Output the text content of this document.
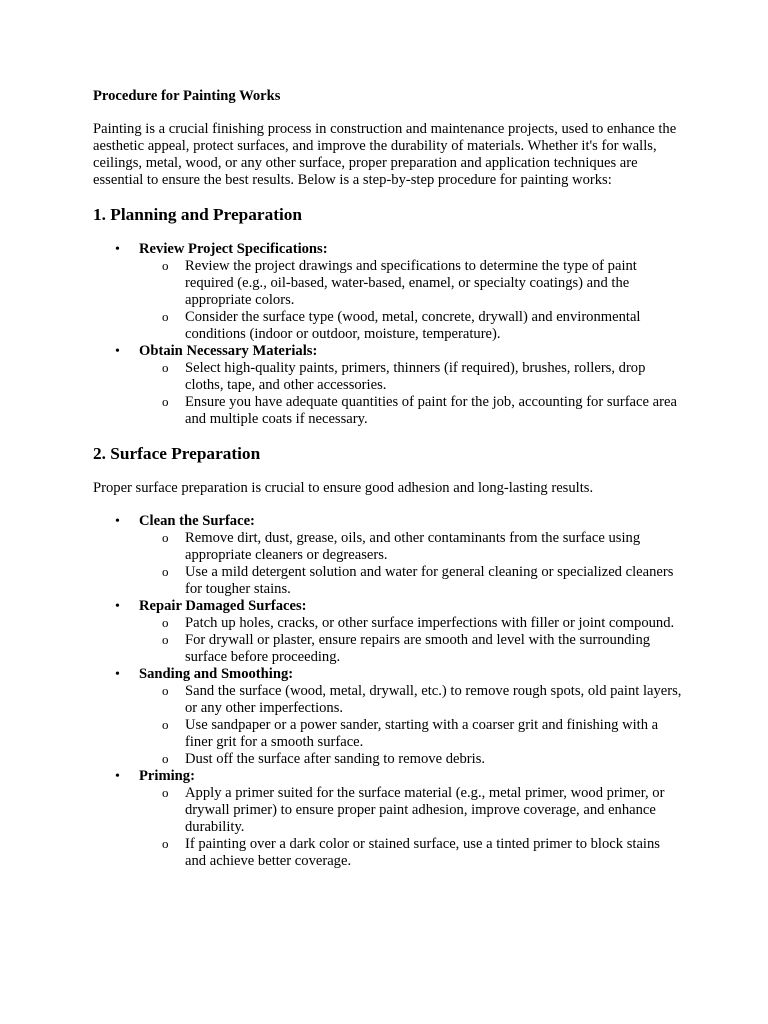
Procedure for Painting Works
Painting is a crucial finishing process in construction and maintenance projects, used to enhance the aesthetic appeal, protect surfaces, and improve the durability of materials. Whether it's for walls, ceilings, metal, wood, or any other surface, proper preparation and application techniques are essential to ensure the best results. Below is a step-by-step procedure for painting works:
1. Planning and Preparation
• Review Project Specifications:
o Review the project drawings and specifications to determine the type of paint required (e.g., oil-based, water-based, enamel, or specialty coatings) and the appropriate colors.
o Consider the surface type (wood, metal, concrete, drywall) and environmental conditions (indoor or outdoor, moisture, temperature).
• Obtain Necessary Materials:
o Select high-quality paints, primers, thinners (if required), brushes, rollers, drop cloths, tape, and other accessories.
o Ensure you have adequate quantities of paint for the job, accounting for surface area and multiple coats if necessary.
2. Surface Preparation
Proper surface preparation is crucial to ensure good adhesion and long-lasting results.
• Clean the Surface:
o Remove dirt, dust, grease, oils, and other contaminants from the surface using appropriate cleaners or degreasers.
o Use a mild detergent solution and water for general cleaning or specialized cleaners for tougher stains.
• Repair Damaged Surfaces:
o Patch up holes, cracks, or other surface imperfections with filler or joint compound.
o For drywall or plaster, ensure repairs are smooth and level with the surrounding surface before proceeding.
• Sanding and Smoothing:
o Sand the surface (wood, metal, drywall, etc.) to remove rough spots, old paint layers, or any other imperfections.
o Use sandpaper or a power sander, starting with a coarser grit and finishing with a finer grit for a smooth surface.
o Dust off the surface after sanding to remove debris.
• Priming:
o Apply a primer suited for the surface material (e.g., metal primer, wood primer, or drywall primer) to ensure proper paint adhesion, improve coverage, and enhance durability.
o If painting over a dark color or stained surface, use a tinted primer to block stains and achieve better coverage.
